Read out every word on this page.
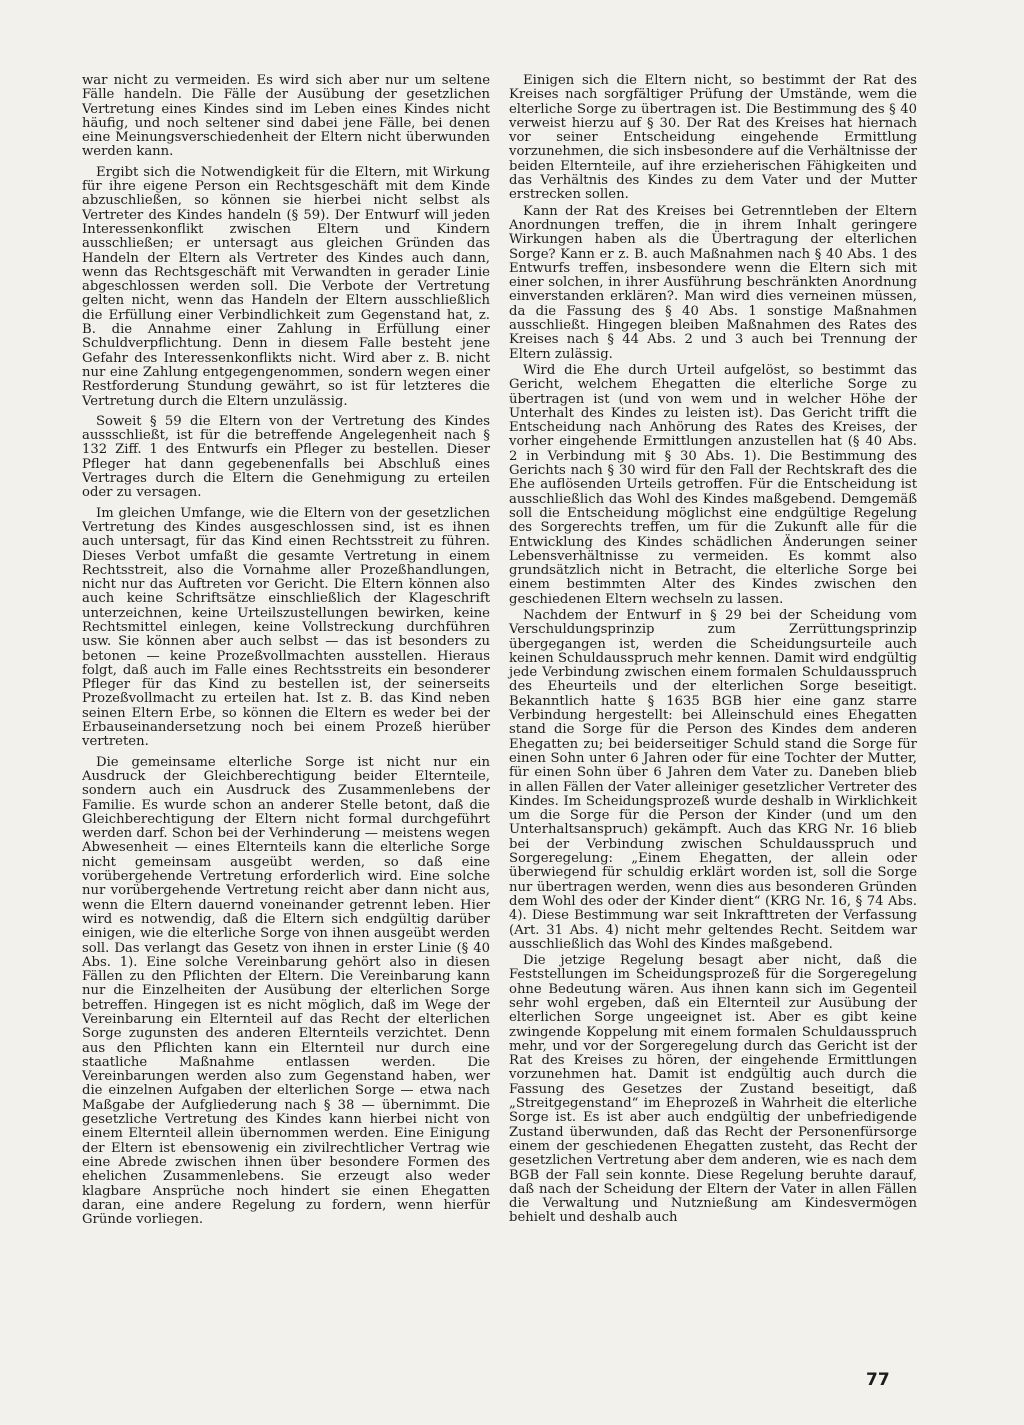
war nicht zu vermeiden. Es wird sich aber nur um seltene Fälle handeln. Die Fälle der Ausübung der gesetzlichen Vertretung eines Kindes sind im Leben eines Kindes nicht häufig, und noch seltener sind dabei jene Fälle, bei denen eine Meinungsverschiedenheit der Eltern nicht überwunden werden kann.

Ergibt sich die Notwendigkeit für die Eltern, mit Wirkung für ihre eigene Person ein Rechtsgeschäft mit dem Kinde abzuschließen, so können sie hierbei nicht selbst als Vertreter des Kindes handeln (§ 59). Der Entwurf will jeden Interessenkonflikt zwischen Eltern und Kindern ausschließen; er untersagt aus gleichen Gründen das Handeln der Eltern als Vertreter des Kindes auch dann, wenn das Rechtsgeschäft mit Verwandten in gerader Linie abgeschlossen werden soll. Die Verbote der Vertretung gelten nicht, wenn das Handeln der Eltern ausschließlich die Erfüllung einer Verbindlichkeit zum Gegenstand hat, z. B. die Annahme einer Zahlung in Erfüllung einer Schuldverpflichtung. Denn in diesem Falle besteht jene Gefahr des Interessenkonflikts nicht. Wird aber z. B. nicht nur eine Zahlung entgegengenommen, sondern wegen einer Restforderung Stundung gewährt, so ist für letzteres die Vertretung durch die Eltern unzulässig.

Soweit § 59 die Eltern von der Vertretung des Kindes aussschließt, ist für die betreffende Angelegenheit nach § 132 Ziff. 1 des Entwurfs ein Pfleger zu bestellen. Dieser Pfleger hat dann gegebenenfalls bei Abschluß eines Vertrages durch die Eltern die Genehmigung zu erteilen oder zu versagen.

Im gleichen Umfange, wie die Eltern von der gesetzlichen Vertretung des Kindes ausgeschlossen sind, ist es ihnen auch untersagt, für das Kind einen Rechtsstreit zu führen. Dieses Verbot umfaßt die gesamte Vertretung in einem Rechtsstreit, also die Vornahme aller Prozeßhandlungen, nicht nur das Auftreten vor Gericht. Die Eltern können also auch keine Schriftsätze einschließlich der Klageschrift unterzeichnen, keine Urteilszustellungen bewirken, keine Rechtsmittel einlegen, keine Vollstreckung durchführen usw. Sie können aber auch selbst — das ist besonders zu betonen — keine Prozeßvollmachten ausstellen. Hieraus folgt, daß auch im Falle eines Rechtsstreits ein besonderer Pfleger für das Kind zu bestellen ist, der seinerseits Prozeßvollmacht zu erteilen hat. Ist z. B. das Kind neben seinen Eltern Erbe, so können die Eltern es weder bei der Erbauseinandersetzung noch bei einem Prozeß hierüber vertreten.

Die gemeinsame elterliche Sorge ist nicht nur ein Ausdruck der Gleichberechtigung beider Elternteile, sondern auch ein Ausdruck des Zusammenlebens der Familie. Es wurde schon an anderer Stelle betont, daß die Gleichberechtigung der Eltern nicht formal durchgeführt werden darf. Schon bei der Verhinderung — meistens wegen Abwesenheit — eines Elternteils kann die elterliche Sorge nicht gemeinsam ausgeübt werden, so daß eine vorübergehende Vertretung erforderlich wird. Eine solche nur vorübergehende Vertretung reicht aber dann nicht aus, wenn die Eltern dauernd voneinander getrennt leben. Hier wird es notwendig, daß die Eltern sich endgültig darüber einigen, wie die elterliche Sorge von ihnen ausgeübt werden soll. Das verlangt das Gesetz von ihnen in erster Linie (§ 40 Abs. 1). Eine solche Vereinbarung gehört also in diesen Fällen zu den Pflichten der Eltern. Die Vereinbarung kann nur die Einzelheiten der Ausübung der elterlichen Sorge betreffen. Hingegen ist es nicht möglich, daß im Wege der Vereinbarung ein Elternteil auf das Recht der elterlichen Sorge zugunsten des anderen Elternteils verzichtet. Denn aus den Pflichten kann ein Elternteil nur durch eine staatliche Maßnahme entlassen werden. Die Vereinbarungen werden also zum Gegenstand haben, wer die einzelnen Aufgaben der elterlichen Sorge — etwa nach Maßgabe der Aufgliederung nach § 38 — übernimmt. Die gesetzliche Vertretung des Kindes kann hierbei nicht von einem Elternteil allein übernommen werden. Eine Einigung der Eltern ist ebensowenig ein zivilrechtlicher Vertrag wie eine Abrede zwischen ihnen über besondere Formen des ehelichen Zusammenlebens. Sie erzeugt also weder klagbare Ansprüche noch hindert sie einen Ehegatten daran, eine andere Regelung zu fordern, wenn hierfür Gründe vorliegen.

Einigen sich die Eltern nicht, so bestimmt der Rat des Kreises nach sorgfältiger Prüfung der Umstände, wem die elterliche Sorge zu übertragen ist. Die Bestimmung des § 40 verweist hierzu auf § 30. Der Rat des Kreises hat hiernach vor seiner Entscheidung eingehende Ermittlung vorzunehmen, die sich insbesondere auf die Verhältnisse der beiden Elternteile, auf ihre erzieherischen Fähigkeiten und das Verhältnis des Kindes zu dem Vater und der Mutter erstrecken sollen.

Kann der Rat des Kreises bei Getrenntleben der Eltern Anordnungen treffen, die in ihrem Inhalt geringere Wirkungen haben als die Übertragung der elterlichen Sorge? Kann er z. B. auch Maßnahmen nach § 40 Abs. 1 des Entwurfs treffen, insbesondere wenn die Eltern sich mit einer solchen, in ihrer Ausführung beschränkten Anordnung einverstanden erklären?. Man wird dies verneinen müssen, da die Fassung des § 40 Abs. 1 sonstige Maßnahmen ausschließt. Hingegen bleiben Maßnahmen des Rates des Kreises nach § 44 Abs. 2 und 3 auch bei Trennung der Eltern zulässig.

Wird die Ehe durch Urteil aufgelöst, so bestimmt das Gericht, welchem Ehegatten die elterliche Sorge zu übertragen ist (und von wem und in welcher Höhe der Unterhalt des Kindes zu leisten ist). Das Gericht trifft die Entscheidung nach Anhörung des Rates des Kreises, der vorher eingehende Ermittlungen anzustellen hat (§ 40 Abs. 2 in Verbindung mit § 30 Abs. 1). Die Bestimmung des Gerichts nach § 30 wird für den Fall der Rechtskraft des die Ehe auflösenden Urteils getroffen. Für die Entscheidung ist ausschließlich das Wohl des Kindes maßgebend. Demgemäß soll die Entscheidung möglichst eine endgültige Regelung des Sorgerechts treffen, um für die Zukunft alle für die Entwicklung des Kindes schädlichen Änderungen seiner Lebensverhältnisse zu vermeiden. Es kommt also grundsätzlich nicht in Betracht, die elterliche Sorge bei einem bestimmten Alter des Kindes zwischen den geschiedenen Eltern wechseln zu lassen.

Nachdem der Entwurf in § 29 bei der Scheidung vom Verschuldungsprinzip zum Zerrüttungsprinzip übergegangen ist, werden die Scheidungsurteile auch keinen Schuldausspruch mehr kennen. Damit wird endgültig jede Verbindung zwischen einem formalen Schuldausspruch des Eheurteils und der elterlichen Sorge beseitigt. Bekanntlich hatte § 1635 BGB hier eine ganz starre Verbindung hergestellt: bei Alleinschuld eines Ehegatten stand die Sorge für die Person des Kindes dem anderen Ehegatten zu; bei beiderseitiger Schuld stand die Sorge für einen Sohn unter 6 Jahren oder für eine Tochter der Mutter, für einen Sohn über 6 Jahren dem Vater zu. Daneben blieb in allen Fällen der Vater alleiniger gesetzlicher Vertreter des Kindes. Im Scheidungsprozeß wurde deshalb in Wirklichkeit um die Sorge für die Person der Kinder (und um den Unterhaltsanspruch) gekämpft. Auch das KRG Nr. 16 blieb bei der Verbindung zwischen Schuldausspruch und Sorgeregelung: „Einem Ehegatten, der allein oder überwiegend für schuldig erklärt worden ist, soll die Sorge nur übertragen werden, wenn dies aus besonderen Gründen dem Wohl des oder der Kinder dient“ (KRG Nr. 16, § 74 Abs. 4). Diese Bestimmung war seit Inkrafttreten der Verfassung (Art. 31 Abs. 4) nicht mehr geltendes Recht. Seitdem war ausschließlich das Wohl des Kindes maßgebend.

Die jetzige Regelung besagt aber nicht, daß die Feststellungen im Scheidungsprozeß für die Sorgeregelung ohne Bedeutung wären. Aus ihnen kann sich im Gegenteil sehr wohl ergeben, daß ein Elternteil zur Ausübung der elterlichen Sorge ungeeignet ist. Aber es gibt keine zwingende Koppelung mit einem formalen Schuldausspruch mehr, und vor der Sorgeregelung durch das Gericht ist der Rat des Kreises zu hören, der eingehende Ermittlungen vorzunehmen hat. Damit ist endgültig auch durch die Fassung des Gesetzes der Zustand beseitigt, daß „Streitgegenstand“ im Eheprozeß in Wahrheit die elterliche Sorge ist. Es ist aber auch endgültig der unbefriedigende Zustand überwunden, daß das Recht der Personenfürsorge einem der geschiedenen Ehegatten zusteht, das Recht der gesetzlichen Vertretung aber dem anderen, wie es nach dem BGB der Fall sein konnte. Diese Regelung beruhte darauf, daß nach der Scheidung der Eltern der Vater in allen Fällen die Verwaltung und Nutznießung am Kindesvermögen behielt und deshalb auch

77
